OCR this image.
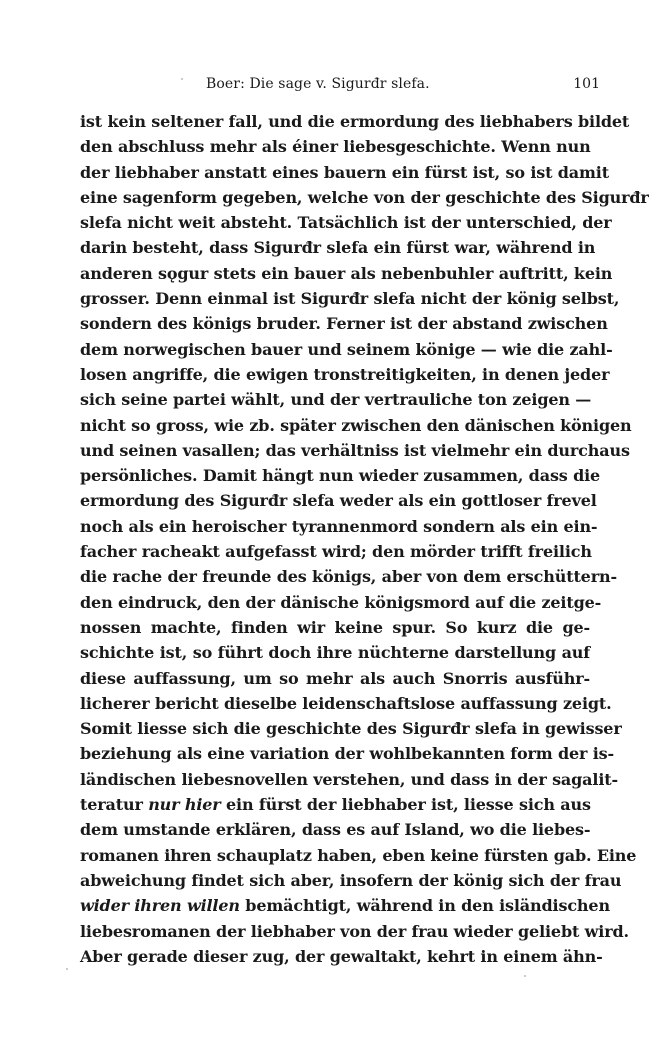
Boer: Die sage v. Sigurđr slefa.	101
ist kein seltener fall, und die ermordung des liebhabers bildet
den abschluss mehr als éiner liebesgeschichte. Wenn nun
der liebhaber anstatt eines bauern ein fürst ist, so ist damit
eine sagenform gegeben, welche von der geschichte des Sigurđr
slefa nicht weit absteht. Tatsächlich ist der unterschied, der
darin besteht, dass Sigurđr slefa ein fürst war, während in
anderen sǫgur stets ein bauer als nebenbuhler auftritt, kein
grosser. Denn einmal ist Sigurđr slefa nicht der könig selbst,
sondern des königs bruder. Ferner ist der abstand zwischen
dem norwegischen bauer und seinem könige — wie die zahl-
losen angriffe, die ewigen tronstreitigkeiten, in denen jeder
sich seine partei wählt, und der vertrauliche ton zeigen —
nicht so gross, wie zb. später zwischen den dänischen königen
und seinen vasallen; das verhältniss ist vielmehr ein durchaus
persönliches. Damit hängt nun wieder zusammen, dass die
ermordung des Sigurđr slefa weder als ein gottloser frevel
noch als ein heroischer tyrannenmord sondern als ein ein-
facher racheakt aufgefasst wird; den mörder trifft freilich
die rache der freunde des königs, aber von dem erschüttern-
den eindruck, den der dänische königsmord auf die zeitge-
nossen machte, finden wir keine spur. So kurz die ge-
schichte ist, so führt doch ihre nüchterne darstellung auf
diese auffassung, um so mehr als auch Snorris ausführ-
licherer bericht dieselbe leidenschaftslose auffassung zeigt.
Somit liesse sich die geschichte des Sigurđr slefa in gewisser
beziehung als eine variation der wohlbekannten form der is-
ländischen liebesnovellen verstehen, und dass in der sagalit-
teratur nur hier ein fürst der liebhaber ist, liesse sich aus
dem umstande erklären, dass es auf Island, wo die liebes-
romanen ihren schauplatz haben, eben keine fürsten gab. Eine
abweichung findet sich aber, insofern der könig sich der frau
wider ihren willen bemächtigt, während in den isländischen
liebesromanen der liebhaber von der frau wieder geliebt wird.
Aber gerade dieser zug, der gewaltakt, kehrt in einem ähn-
